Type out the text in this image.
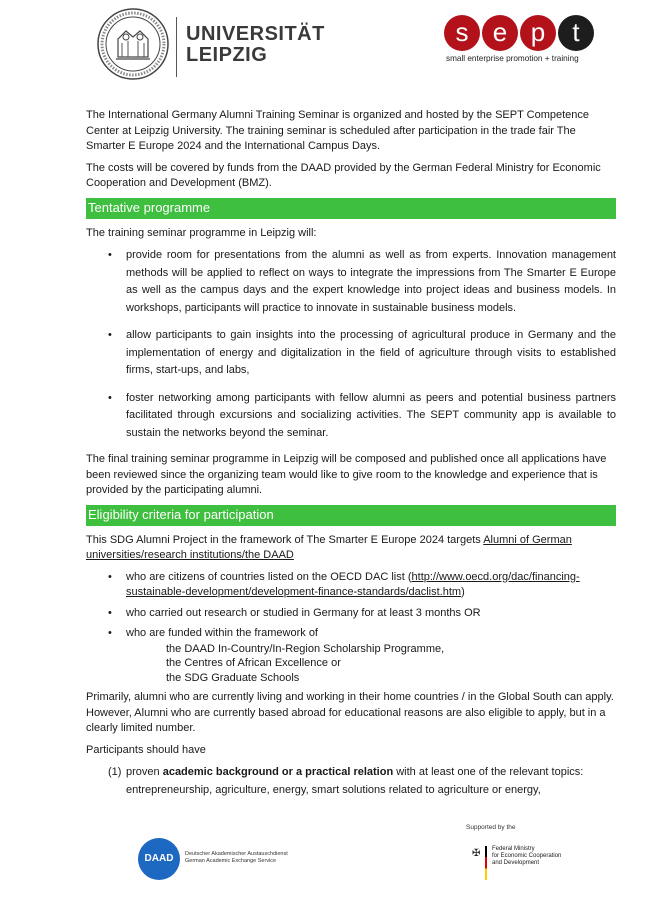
UNIVERSITÄT
LEIPZIG
s e p	t
small enterprise promotion + training

The International Germany Alumni Training Seminar is organized and hosted by the SEPT Competence Center at Leipzig University. The training seminar is scheduled after participation in the trade fair The Smarter E Europe 2024 and the International Campus Days.

The costs will be covered by funds from the DAAD provided by the German Federal Ministry for Economic Cooperation and Development (BMZ).

Tentative programme

The training seminar programme in Leipzig will:

• provide room for presentations from the alumni as well as from experts. Innovation management methods will be applied to reflect on ways to integrate the impressions from The Smarter E Europe as well as the campus days and the expert knowledge into project ideas and business models. In workshops, participants will practice to innovate in sustainable business models.
• allow participants to gain insights into the processing of agricultural produce in Germany and the implementation of energy and digitalization in the field of agriculture through visits to established firms, start-ups, and labs,
• foster networking among participants with fellow alumni as peers and potential business partners facilitated through excursions and socializing activities. The SEPT community app is available to sustain the networks beyond the seminar.

The final training seminar programme in Leipzig will be composed and published once all applications have been reviewed since the organizing team would like to give room to the knowledge and experience that is provided by the participating alumni.

Eligibility criteria for participation

This SDG Alumni Project in the framework of The Smarter E Europe 2024 targets Alumni of German universities/research institutions/the DAAD

• who are citizens of countries listed on the OECD DAC list (http://www.oecd.org/dac/financing-sustainable-development/development-finance-standards/daclist.htm)
• who carried out research or studied in Germany for at least 3 months OR
• who are funded within the framework of
the DAAD In-Country/In-Region Scholarship Programme,
the Centres of African Excellence or
the SDG Graduate Schools

Primarily, alumni who are currently living and working in their home countries / in the Global South can apply. However, Alumni who are currently based abroad for educational reasons are also eligible to apply, but in a clearly limited number.

Participants should have

(1) proven academic background or a practical relation with at least one of the relevant topics: entrepreneurship, agriculture, energy, smart solutions related to agriculture or energy,
DAAD	Deutscher Akademischer Austauschdienst
German Academic Exchange Service
Supported by the
✠ Federal Ministry
for Economic Cooperation
and Development
